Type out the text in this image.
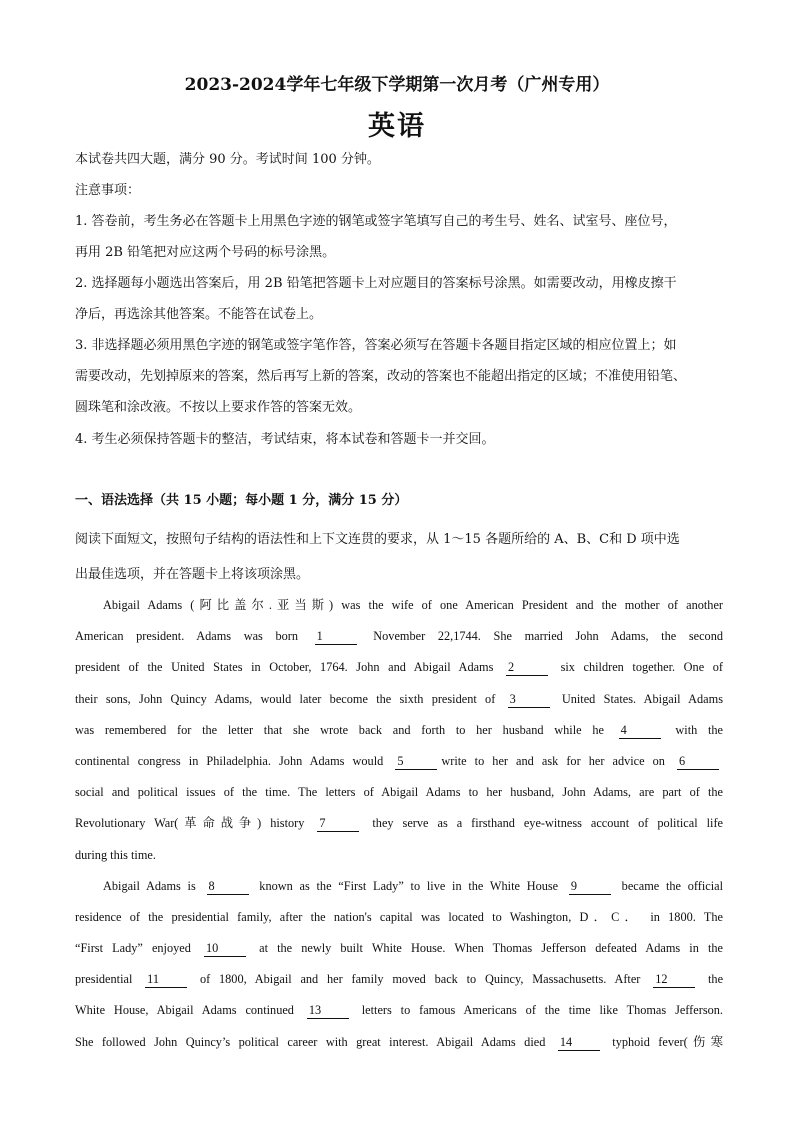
2023-2024学年七年级下学期第一次月考（广州专用）
英语
本试卷共四大题，满分 90 分。考试时间 100 分钟。
注意事项：
1. 答卷前，考生务必在答题卡上用黑色字迹的钢笔或签字笔填写自己的考生号、姓名、试室号、座位号，
再用 2B 铅笔把对应这两个号码的标号涂黑。
2. 选择题每小题选出答案后，用 2B 铅笔把答题卡上对应题目的答案标号涂黑。如需要改动，用橡皮擦干
净后，再选涂其他答案。不能答在试卷上。
3. 非选择题必须用黑色字迹的钢笔或签字笔作答，答案必须写在答题卡各题目指定区域的相应位置上；如
需要改动，先划掉原来的答案，然后再写上新的答案，改动的答案也不能超出指定的区域；不准使用铅笔、
圆珠笔和涂改液。不按以上要求作答的答案无效。
4. 考生必须保持答题卡的整洁，考试结束，将本试卷和答题卡一并交回。
一、语法选择（共 15 小题；每小题 1 分，满分 15 分）
阅读下面短文，按照句子结构的语法性和上下文连贯的要求，从 1～15 各题所给的 A、B、C和 D 项中选
出最佳选项，并在答题卡上将该项涂黑。
Abigail Adams (阿比盖尔.亚当斯) was the wife of one American President and the mother of another
American president. Adams was born 1	November 22,1744. She married John Adams, the second
president of the United States in October, 1764. John and Abigail Adams 2	six children together. One of
their sons, John Quincy Adams, would later become the sixth president of 3	United States. Abigail Adams
was remembered for the letter that she wrote back and forth to her husband while he 4	with the
continental congress in Philadelphia. John Adams would 5	write to her and ask for her advice on 6
social and political issues of the time. The letters of Abigail Adams to her husband, John Adams, are part of the
Revolutionary War(革命战争) history 7	they serve as a firsthand eye-witness account of political life
during this time.
Abigail Adams is 8	known as the “First Lady” to live in the White House 9	became the official
residence of the presidential family, after the nation's capital was located to Washington, D．C． in 1800. The
“First Lady” enjoyed 10	at the newly built White House. When Thomas Jefferson defeated Adams in the
presidential 11	of 1800, Abigail and her family moved back to Quincy, Massachusetts. After 12	the
White House, Abigail Adams continued 13	letters to famous Americans of the time like Thomas Jefferson.
She followed John Quincy’s political career with great interest. Abigail Adams died 14	typhoid fever(伤寒
